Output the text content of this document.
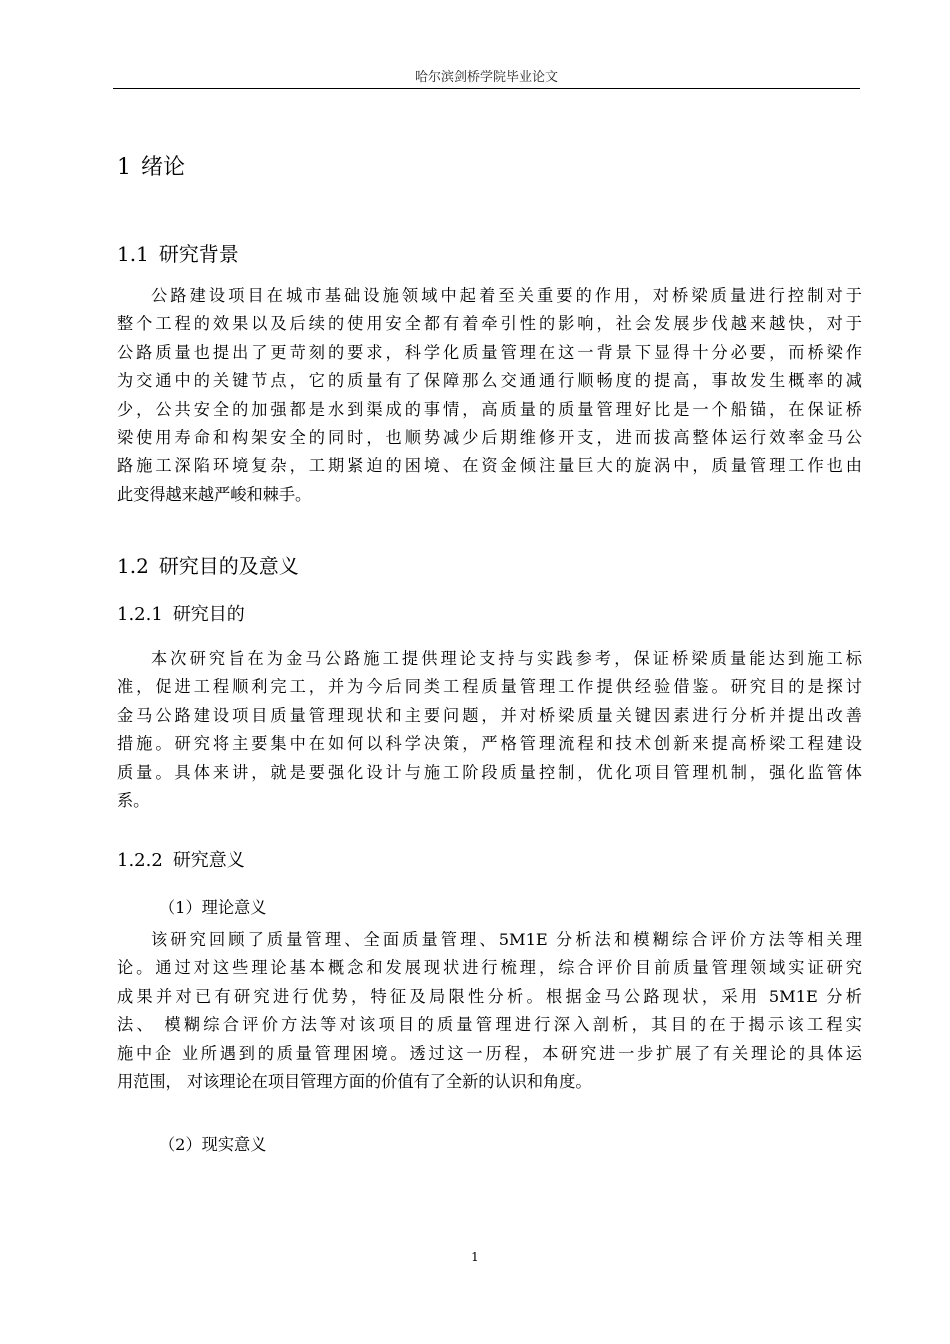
哈尔滨剑桥学院毕业论文
1 绪论
1.1 研究背景

公路建设项目在城市基础设施领域中起着至关重要的作用，对桥梁质量进行控制对于
整个工程的效果以及后续的使用安全都有着牵引性的影响，社会发展步伐越来越快，对于
公路质量也提出了更苛刻的要求，科学化质量管理在这一背景下显得十分必要，而桥梁作
为交通中的关键节点，它的质量有了保障那么交通通行顺畅度的提高，事故发生概率的减
少，公共安全的加强都是水到渠成的事情，高质量的质量管理好比是一个船锚，在保证桥
梁使用寿命和构架安全的同时，也顺势减少后期维修开支，进而拔高整体运行效率金马公
路施工深陷环境复杂，工期紧迫的困境、在资金倾注量巨大的旋涡中，质量管理工作也由
此变得越来越严峻和棘手。

1.2 研究目的及意义
1.2.1 研究目的

本次研究旨在为金马公路施工提供理论支持与实践参考，保证桥梁质量能达到施工标
准，促进工程顺利完工，并为今后同类工程质量管理工作提供经验借鉴。研究目的是探讨
金马公路建设项目质量管理现状和主要问题，并对桥梁质量关键因素进行分析并提出改善
措施。研究将主要集中在如何以科学决策，严格管理流程和技术创新来提高桥梁工程建设
质量。具体来讲，就是要强化设计与施工阶段质量控制，优化项目管理机制，强化监管体
系。

1.2.2 研究意义
（1）理论意义

该研究回顾了质量管理、全面质量管理、5M1E 分析法和模糊综合评价方法等相关理
论。通过对这些理论基本概念和发展现状进行梳理，综合评价目前质量管理领域实证研究
成果并对已有研究进行优势，特征及局限性分析。根据金马公路现状，采用 5M1E 分析
法、 模糊综合评价方法等对该项目的质量管理进行深入剖析，其目的在于揭示该工程实
施中企 业所遇到的质量管理困境。透过这一历程，本研究进一步扩展了有关理论的具体运
用范围， 对该理论在项目管理方面的价值有了全新的认识和角度。

（2）现实意义
1
